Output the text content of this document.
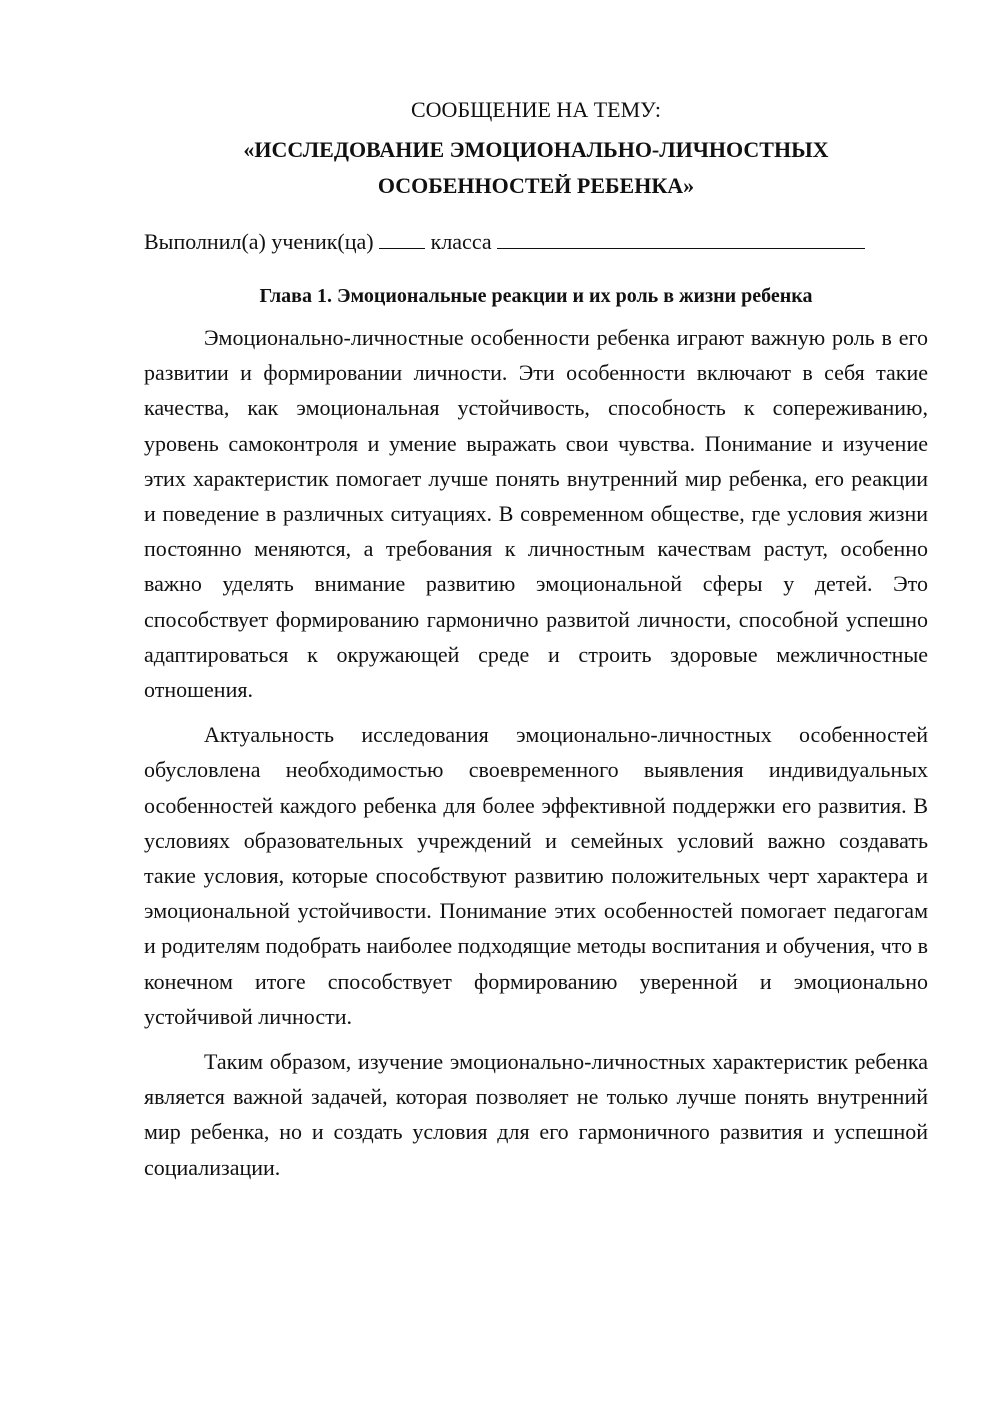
СООБЩЕНИЕ НА ТЕМУ:

«ИССЛЕДОВАНИЕ ЭМОЦИОНАЛЬНО-ЛИЧНОСТНЫХ
ОСОБЕННОСТЕЙ РЕБЕНКА»

Выполнил(а) ученик(ца)	класса

Глава 1. Эмоциональные реакции и их роль в жизни ребенка

Эмоционально-личностные особенности ребенка играют важную роль в его развитии и формировании личности. Эти особенности включают в себя такие качества, как эмоциональная устойчивость, способность к сопереживанию, уровень самоконтроля и умение выражать свои чувства. Понимание и изучение этих характеристик помогает лучше понять внутренний мир ребенка, его реакции и поведение в различных ситуациях. В современном обществе, где условия жизни постоянно меняются, а требования к личностным качествам растут, особенно важно уделять внимание развитию эмоциональной сферы у детей. Это способствует формированию гармонично развитой личности, способной успешно адаптироваться к окружающей среде и строить здоровые межличностные отношения.

Актуальность исследования эмоционально-личностных особенностей обусловлена необходимостью своевременного выявления индивидуальных особенностей каждого ребенка для более эффективной поддержки его развития. В условиях образовательных учреждений и семейных условий важно создавать такие условия, которые способствуют развитию положительных черт характера и эмоциональной устойчивости. Понимание этих особенностей помогает педагогам и родителям подобрать наиболее подходящие методы воспитания и обучения, что в конечном итоге способствует формированию уверенной и эмоционально устойчивой личности.

Таким образом, изучение эмоционально-личностных характеристик ребенка является важной задачей, которая позволяет не только лучше понять внутренний мир ребенка, но и создать условия для его гармоничного развития и успешной социализации.
